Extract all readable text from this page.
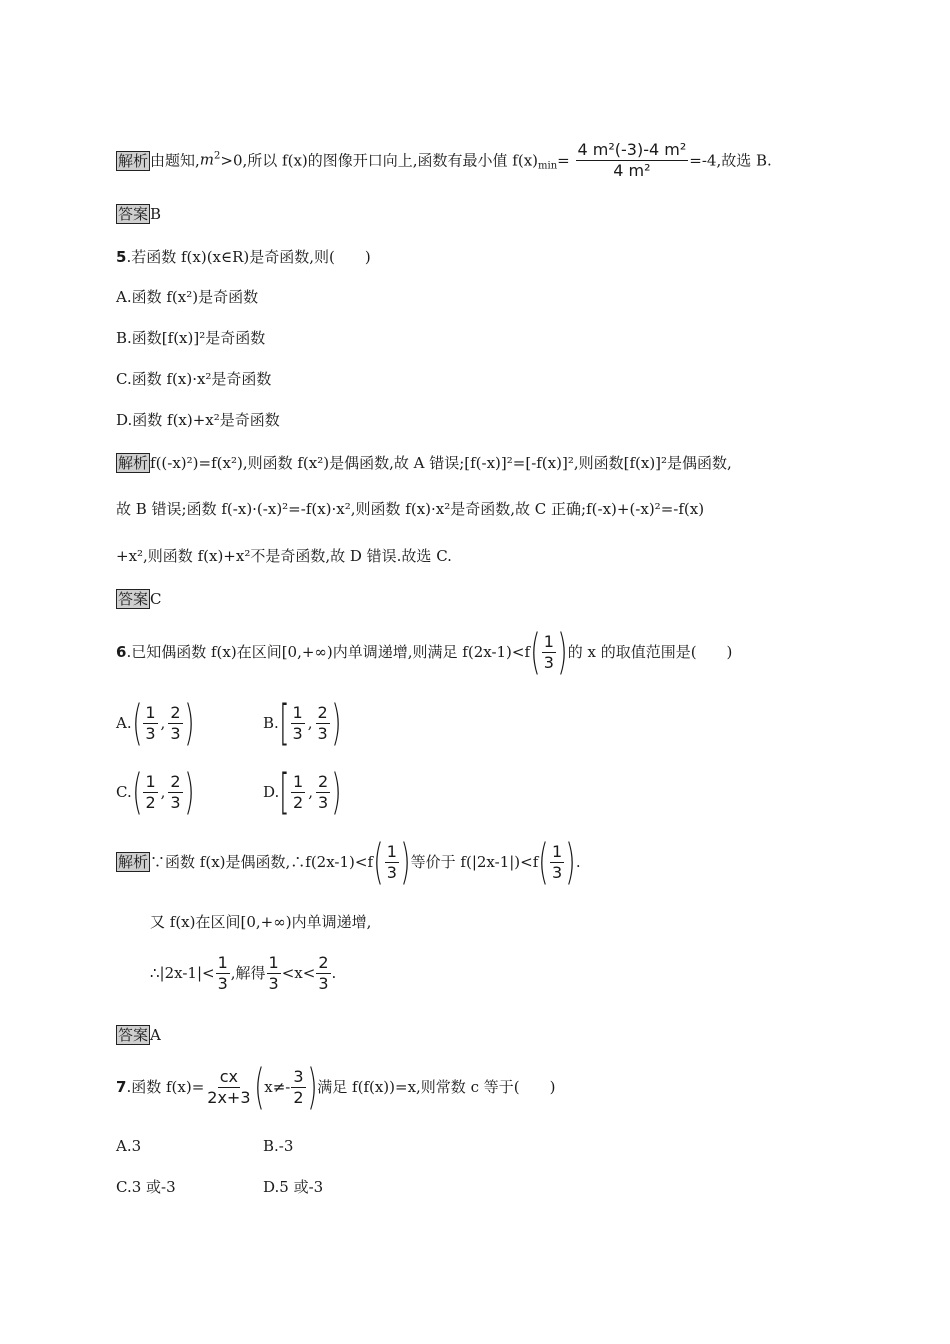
解析 由题知$,m^2>0$,所以 f(x)的图像开口向上,函数有最小值 $f(x)_{min}= \frac{\text{4 m²(-3)-4 m²}}{\text{4 m²}} =-4$,故选 B.
答案 B
5.若函数 f(x)(x∈R)是奇函数,则(　　)
A.函数 f(x²)是奇函数
B.函数[f(x)]²是奇函数
C.函数 f(x)·x²是奇函数
D.函数 f(x)+x²是奇函数
解析 f((-x)²)=f(x²),则函数 f(x²)是偶函数,故 A 错误;[f(-x)]²=[-f(x)]²,则函数[f(x)]²是偶函数,
故 B 错误;函数 f(-x)·(-x)²=-f(x)·x²,则函数 f(x)·x²是奇函数,故 C 正确;f(-x)+(-x)²=-f(x)
+x²,则函数 f(x)+x²不是奇函数,故 D 错误.故选 C.
答案 C
6 .已知偶函数 f(x)在区间[0,+∞)内单调递增,则满足 f(2x-1)<f ( $\frac{1}{3}$ ) 的 x 的取值范围是(　　)
A. ( $\frac{1}{3}$ , $\frac{2}{3}$ )	B. [ $\frac{1}{3}$ , $\frac{2}{3}$ )
C. ( $\frac{1}{2}$ , $\frac{2}{3}$ )	D. [ $\frac{1}{2}$ , $\frac{2}{3}$ )
解析 ∵函数 f(x)是偶函数,∴f(2x-1)<f ( $\frac{1}{3}$ ) 等价于 f(|2x-1|)<f ( $\frac{1}{3}$ ) .
又 f(x)在区间[0,+∞)内单调递增,
∴|2x-1|< $\frac{1}{3}$ ,解得 $\frac{1}{3} <x< \frac{2}{3}$ .
答案 A
7 .函数 $f(x)= \frac{cx}{2x+3}$ ( $x\ne- \frac{3}{2}$ ) 满足 f(f(x))=x,则常数 c 等于(　　)
A.3	B.-3
C.3 或-3	D.5 或-3
